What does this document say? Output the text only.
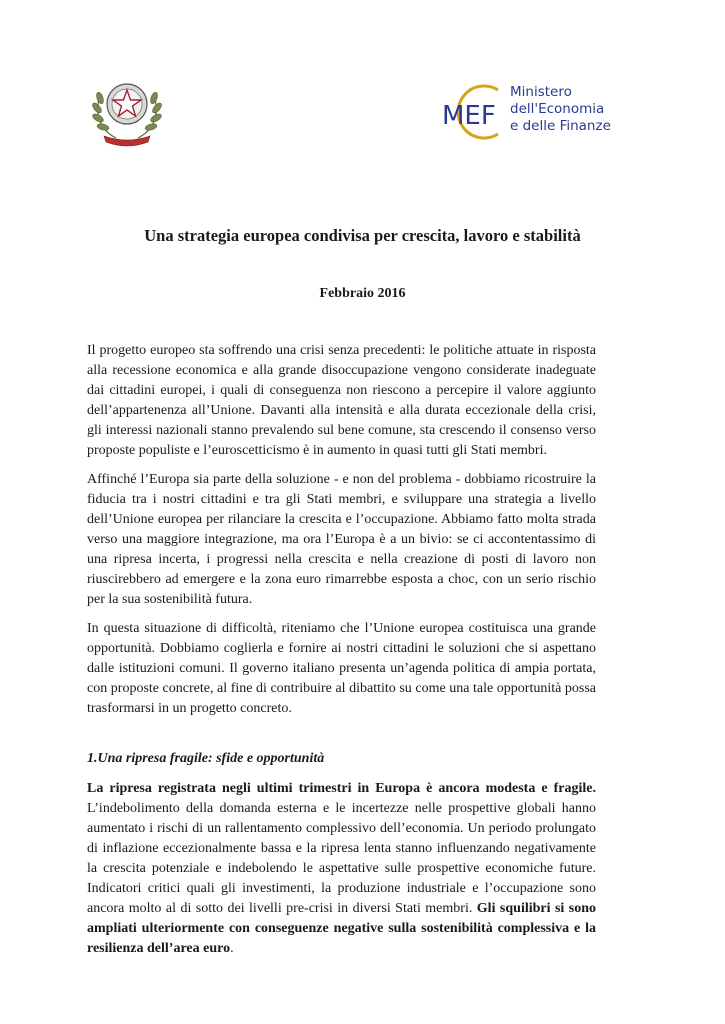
MEF
Ministero
dell'Economia
e delle Finanze
Una strategia europea condivisa per crescita, lavoro e stabilità
Febbraio 2016

Il progetto europeo sta soffrendo una crisi senza precedenti: le politiche attuate in risposta alla recessione economica e alla grande disoccupazione vengono considerate inadeguate dai cittadini europei, i quali di conseguenza non riescono a percepire il valore aggiunto dell’appartenenza all’Unione. Davanti alla intensità e alla durata eccezionale della crisi, gli interessi nazionali stanno prevalendo sul bene comune, sta crescendo il consenso verso proposte populiste e l’euroscetticismo è in aumento in quasi tutti gli Stati membri.

Affinché l’Europa sia parte della soluzione - e non del problema - dobbiamo ricostruire la fiducia tra i nostri cittadini e tra gli Stati membri, e sviluppare una strategia a livello dell’Unione europea per rilanciare la crescita e l’occupazione. Abbiamo fatto molta strada verso una maggiore integrazione, ma ora l’Europa è a un bivio: se ci accontentassimo di una ripresa incerta, i progressi nella crescita e nella creazione di posti di lavoro non riuscirebbero ad emergere e la zona euro rimarrebbe esposta a choc, con un serio rischio per la sua sostenibilità futura.

In questa situazione di difficoltà, riteniamo che l’Unione europea costituisca una grande opportunità. Dobbiamo coglierla e fornire ai nostri cittadini le soluzioni che si aspettano dalle istituzioni comuni. Il governo italiano presenta un’agenda politica di ampia portata, con proposte concrete, al fine di contribuire al dibattito su come una tale opportunità possa trasformarsi in un progetto concreto.

1.Una ripresa fragile: sfide e opportunità

La ripresa registrata negli ultimi trimestri in Europa è ancora modesta e fragile. L’indebolimento della domanda esterna e le incertezze nelle prospettive globali hanno aumentato i rischi di un rallentamento complessivo dell’economia. Un periodo prolungato di inflazione eccezionalmente bassa e la ripresa lenta stanno influenzando negativamente la crescita potenziale e indebolendo le aspettative sulle prospettive economiche future. Indicatori critici quali gli investimenti, la produzione industriale e l’occupazione sono ancora molto al di sotto dei livelli pre-crisi in diversi Stati membri. Gli squilibri si sono ampliati ulteriormente con conseguenze negative sulla sostenibilità complessiva e la resilienza dell’area euro.
